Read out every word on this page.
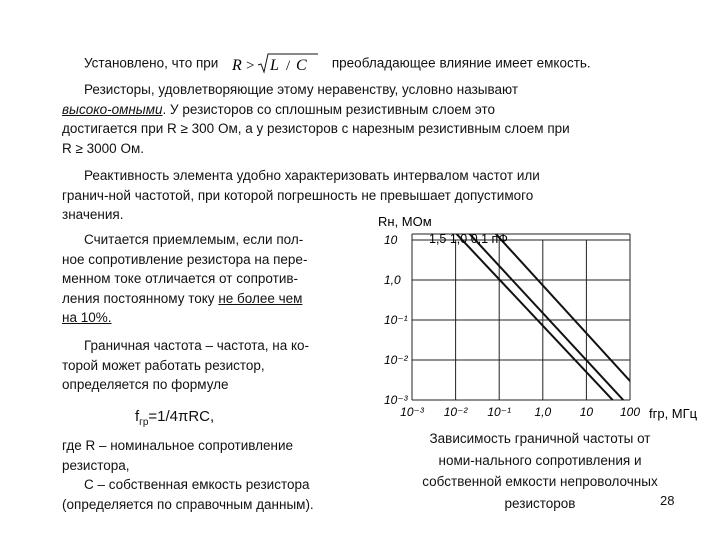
Установлено, что при R > L / C преобладающее влияние имеет емкость.
Резисторы, удовлетворяющие этому неравенству, условно называют
высоко-омными. У резисторов со сплошным резистивным слоем это
достигается при R ≥ 300 Ом, а у резисторов с нарезным резистивным слоем при
R ≥ 3000 Ом.
Реактивность элемента удобно характеризовать интервалом частот или
гранич-ной частотой, при которой погрешность не превышает допустимого
значения.
Считается приемлемым, если пол-
ное сопротивление резистора на пере-
менном токе отличается от сопротив-
ления постоянному току не более чем
на 10%.
Граничная частота – частота, на ко-
торой может работать резистор,
определяется по формуле
$f_{гр}=1/4\pi RC$,
где R – номинальное сопротивление
резистора,
C – собственная емкость резистора
(определяется по справочным данным).
10⁻³ 10⁻² 10⁻¹ 1,0 10 100
10
1,0
10⁻¹
10⁻²
10⁻³
Rн, МОм
fгр, МГц
1,5 1,0 0,1 пФ
Зависимость граничной частоты от
номи-нального сопротивления и
собственной емкости непроволочных
резисторов	28
